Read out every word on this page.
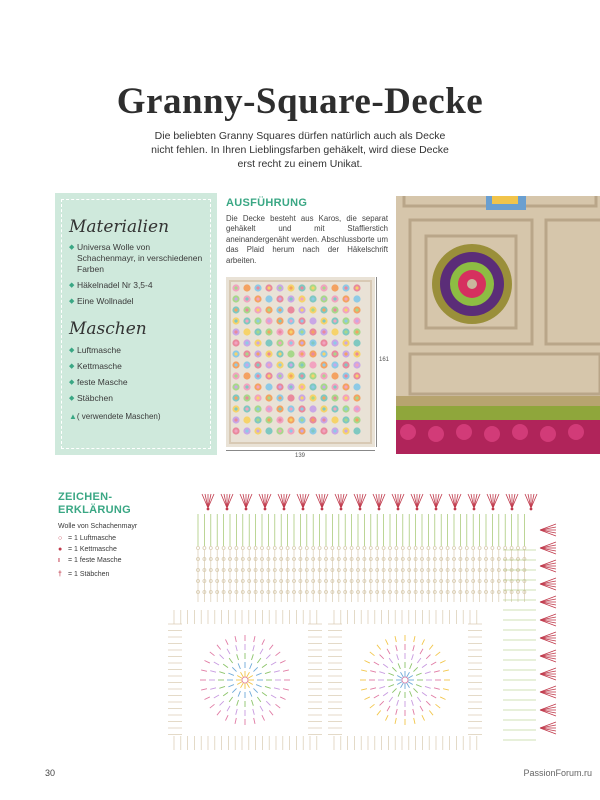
Granny-Square-Decke

Die beliebten Granny Squares dürfen natürlich auch als Decke nicht fehlen. In Ihren Lieblingsfarben gehäkelt, wird diese Decke erst recht zu einem Unikat.

Materialien
◆ Universa Wolle von Schachenmayr, in verschiedenen Farben
◆ Häkelnadel Nr 3,5-4
◆ Eine Wollnadel
Maschen
◆ Luftmasche
◆ Kettmasche
◆ feste Masche
◆ Stäbchen
▲( verwendete Maschen)
AUSFÜHRUNG

Die Decke besteht aus Karos, die separat gehäkelt und mit Staffierstich aneinandergenäht werden. Abschlussborte um das Plaid herum nach der Häkelschrift arbeiten.

161
139
ZEICHEN-
ERKLÄRUNG
Wolle von Schachenmayr
○ = 1 Luftmasche
● = 1 Kettmasche
ı = 1 feste Masche
† = 1 Stäbchen
30	PassionForum.ru
